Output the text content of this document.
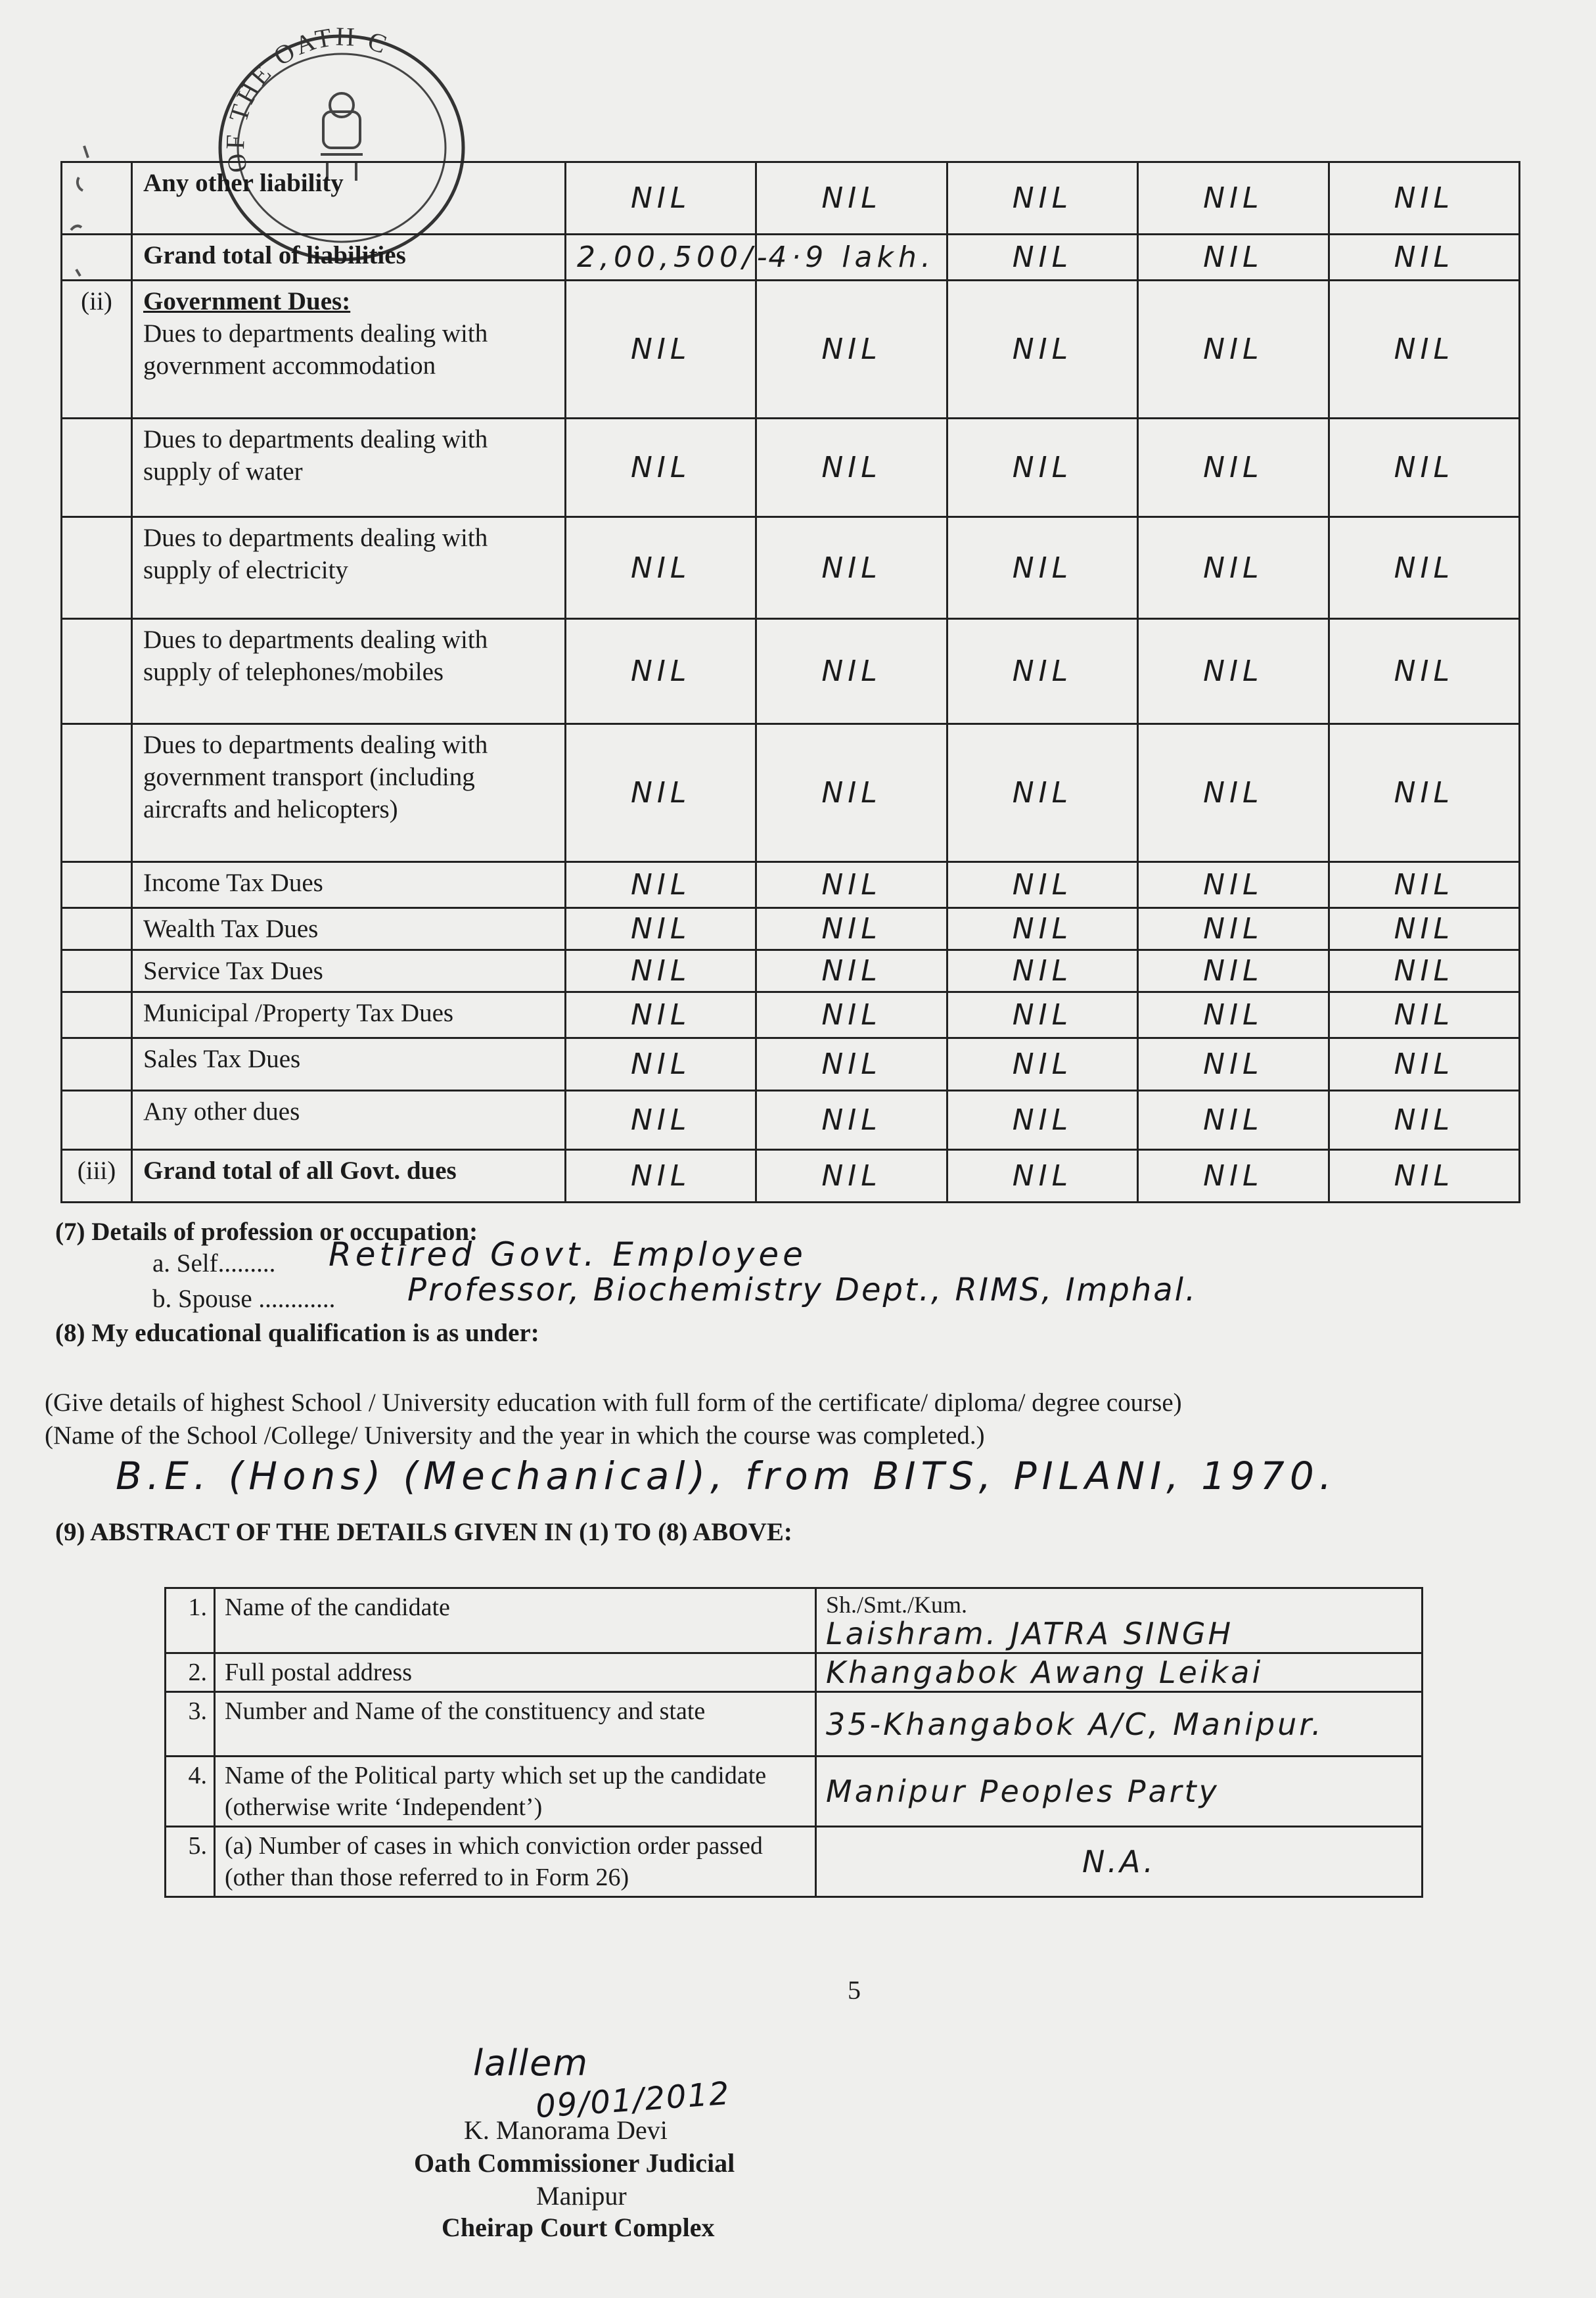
OF THE OATH C

	Any other liability	NIL	NIL	NIL	NIL	NIL

	Grand total of liabilities	2,00,500/-	4·9 lakh.	NIL	NIL	NIL
(ii)	Government Dues:
Dues to departments dealing with government accommodation	NIL	NIL	NIL	NIL	NIL

	Dues to departments dealing with supply of water	NIL	NIL	NIL	NIL	NIL

	Dues to departments dealing with supply of electricity	NIL	NIL	NIL	NIL	NIL

	Dues to departments dealing with supply of telephones/mobiles	NIL	NIL	NIL	NIL	NIL

	Dues to departments dealing with government transport (including aircrafts and helicopters)	NIL	NIL	NIL	NIL	NIL

	Income Tax Dues	NIL	NIL	NIL	NIL	NIL

	Wealth Tax Dues	NIL	NIL	NIL	NIL	NIL

	Service Tax Dues	NIL	NIL	NIL	NIL	NIL

	Municipal /Property Tax Dues	NIL	NIL	NIL	NIL	NIL

	Sales Tax Dues	NIL	NIL	NIL	NIL	NIL

	Any other dues	NIL	NIL	NIL	NIL	NIL
(iii)	Grand total of all Govt. dues	NIL	NIL	NIL	NIL	NIL
(7) Details of profession or occupation:
a. Self......... Retired Govt. Employee
b. Spouse ............ Professor, Biochemistry Dept., RIMS, Imphal.
(8) My educational qualification is as under:
(Give details of highest School / University education with full form of the certificate/ diploma/ degree course)
(Name of the School /College/ University and the year in which the course was completed.)
B.E. (Hons) (Mechanical), from BITS, PILANI, 1970.
(9) ABSTRACT OF THE DETAILS GIVEN IN (1) TO (8) ABOVE:
1.	Name of the candidate	Sh./Smt./Kum.
Laishram. JATRA SINGH

2.	Full postal address	Khangabok Awang Leikai

3.	Number and Name of the constituency and state	35-Khangabok A/C, Manipur.

4.	Name of the Political party which set up the candidate (otherwise write ‘Independent’)	Manipur Peoples Party

5.	(a) Number of cases in which conviction order passed (other than those referred to in Form 26)	N.A.
5
lallem
09/01/2012
K. Manorama Devi
Oath Commissioner Judicial
Manipur
Cheirap Court Complex
